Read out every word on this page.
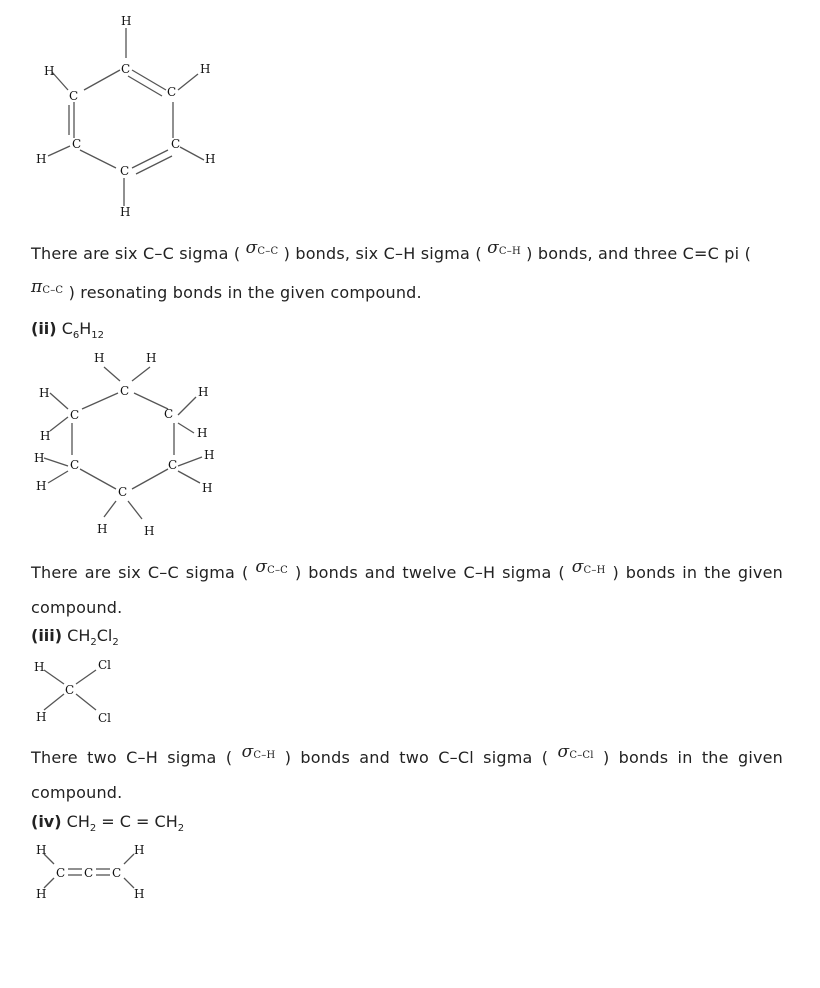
H
C
H
C	C
H
C	C
H	H
C
H
There are six C–C sigma ( $\sigma^{C-C}$ ) bonds, six C–H sigma ( $\sigma^{C-H}$ ) bonds, and three C=C pi (
$\pi^{C-C}$ ) resonating bonds in the given compound.
(ii) $C_6H_{12}$
H	H
C
H
C	C
H
H	H
H C	C
H
H	H
C
H	H
There are six C–C sigma ( $\sigma^{C-C}$ ) bonds and twelve C–H sigma ( $\sigma^{C-H}$ ) bonds in the given compound.
(iii) $CH_2Cl_2$
H	Cl
C
H	Cl
There two C–H sigma ( $\sigma^{C-H}$ ) bonds and two C–Cl sigma ( $\sigma^{C-Cl}$ ) bonds in the given compound.
(iv) $CH_2 = C = CH_2$
H
C C C
H
H	H
